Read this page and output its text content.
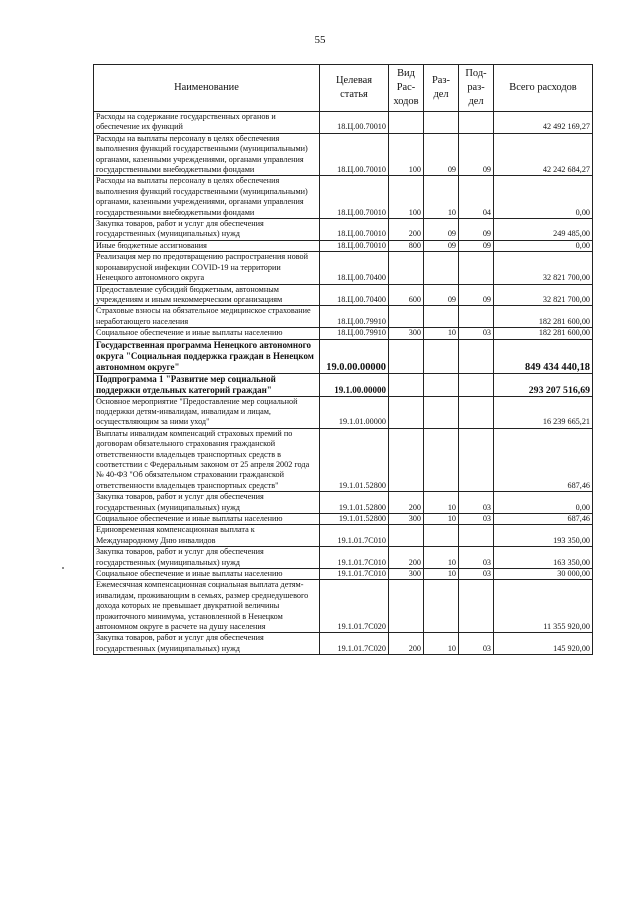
55
Наименование	Целевая статья	Вид Рас- ходов	Раз- дел	Под- раз- дел	Всего расходов
Расходы на содержание государственных органов и обеспечение их функций	18.Ц.00.70010				42 492 169,27
Расходы на выплаты персоналу в целях обеспечения выполнения функций государственными (муниципальными) органами, казенными учреждениями, органами управления государственными внебюджетными фондами	18.Ц.00.70010	100	09	09	42 242 684,27
Расходы на выплаты персоналу в целях обеспечения выполнения функций государственными (муниципальными) органами, казенными учреждениями, органами управления государственными внебюджетными фондами	18.Ц.00.70010	100	10	04	0,00
Закупка товаров, работ и услуг для обеспечения государственных (муниципальных) нужд	18.Ц.00.70010	200	09	09	249 485,00
Иные бюджетные ассигнования	18.Ц.00.70010	800	09	09	0,00
Реализация мер по предотвращению распространения новой коронавирусной инфекции COVID-19 на территории Ненецкого автономного округа	18.Ц.00.70400				32 821 700,00
Предоставление субсидий бюджетным, автономным учреждениям и иным некоммерческим организациям	18.Ц.00.70400	600	09	09	32 821 700,00
Страховые взносы на обязательное медицинское страхование неработающего населения	18.Ц.00.79910				182 281 600,00
Социальное обеспечение и иные выплаты населению	18.Ц.00.79910	300	10	03	182 281 600,00
Государственная программа Ненецкого автономного округа "Социальная поддержка граждан в Ненецком автономном округе"	19.0.00.00000				849 434 440,18
Подпрограмма 1 "Развитие мер социальной поддержки отдельных категорий граждан"	19.1.00.00000				293 207 516,69
Основное мероприятие "Предоставление мер социальной поддержки детям-инвалидам, инвалидам и лицам, осуществляющим за ними уход"	19.1.01.00000				16 239 665,21
Выплаты инвалидам компенсаций страховых премий по договорам обязательного страхования гражданской ответственности владельцев транспортных средств в соответствии с Федеральным законом от 25 апреля 2002 года № 40-ФЗ "Об обязательном страховании гражданской ответственности владельцев транспортных средств"	19.1.01.52800				687,46
Закупка товаров, работ и услуг для обеспечения государственных (муниципальных) нужд	19.1.01.52800	200	10	03	0,00
Социальное обеспечение и иные выплаты населению	19.1.01.52800	300	10	03	687,46
Единовременная компенсационная выплата к Международному Дню инвалидов	19.1.01.7С010				193 350,00
Закупка товаров, работ и услуг для обеспечения государственных (муниципальных) нужд	19.1.01.7С010	200	10	03	163 350,00
Социальное обеспечение и иные выплаты населению	19.1.01.7С010	300	10	03	30 000,00
Ежемесячная компенсационная социальная выплата детям-инвалидам, проживающим в семьях, размер среднедушевого дохода которых не превышает двукратной величины прожиточного минимума, установленной в Ненецком автономном округе в расчете на душу населения	19.1.01.7С020				11 355 920,00
Закупка товаров, работ и услуг для обеспечения государственных (муниципальных) нужд	19.1.01.7С020	200	10	03	145 920,00
